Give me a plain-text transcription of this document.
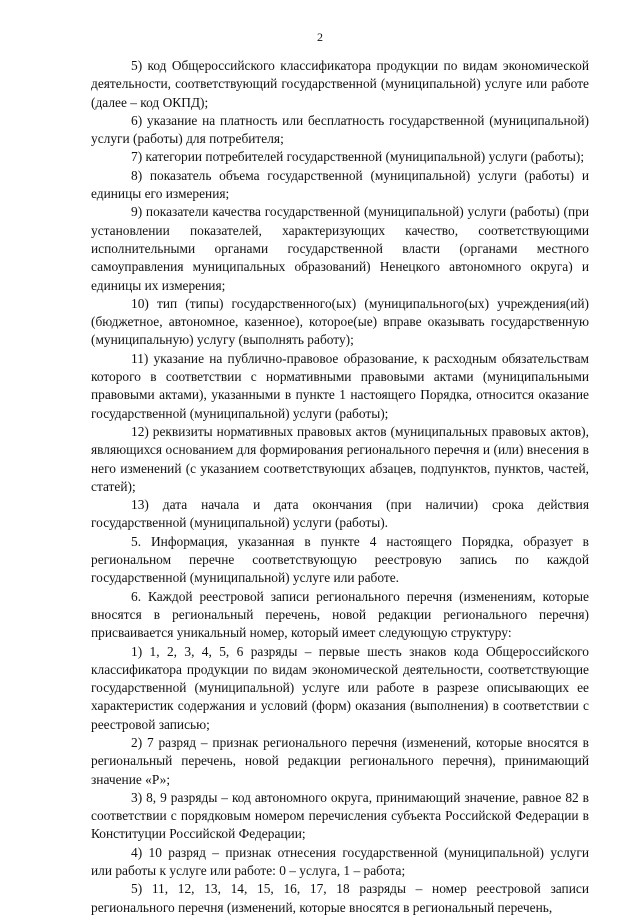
2

5) код Общероссийского классификатора продукции по видам экономической деятельности, соответствующий государственной (муниципальной) услуге или работе (далее – код ОКПД);

6) указание на платность или бесплатность государственной (муниципальной) услуги (работы) для потребителя;

7) категории потребителей государственной (муниципальной) услуги (работы);

8) показатель объема государственной (муниципальной) услуги (работы) и единицы его измерения;

9) показатели качества государственной (муниципальной) услуги (работы) (при установлении показателей, характеризующих качество, соответствующими исполнительными органами государственной власти (органами местного самоуправления муниципальных образований) Ненецкого автономного округа) и единицы их измерения;

10) тип (типы) государственного(ых) (муниципального(ых) учреждения(ий) (бюджетное, автономное, казенное), которое(ые) вправе оказывать государственную (муниципальную) услугу (выполнять работу);

11) указание на публично-правовое образование, к расходным обязательствам которого в соответствии с нормативными правовыми актами (муниципальными правовыми актами), указанными в пункте 1 настоящего Порядка, относится оказание государственной (муниципальной) услуги (работы);

12) реквизиты нормативных правовых актов (муниципальных правовых актов), являющихся основанием для формирования регионального перечня и (или) внесения в него изменений (с указанием соответствующих абзацев, подпунктов, пунктов, частей, статей);

13) дата начала и дата окончания (при наличии) срока действия государственной (муниципальной) услуги (работы).

5. Информация, указанная в пункте 4 настоящего Порядка, образует в региональном перечне соответствующую реестровую запись по каждой государственной (муниципальной) услуге или работе.

6. Каждой реестровой записи регионального перечня (изменениям, которые вносятся в региональный перечень, новой редакции регионального перечня) присваивается уникальный номер, который имеет следующую структуру:

1) 1, 2, 3, 4, 5, 6 разряды – первые шесть знаков кода Общероссийского классификатора продукции по видам экономической деятельности, соответствующие государственной (муниципальной) услуге или работе в разрезе описывающих ее характеристик содержания и условий (форм) оказания (выполнения) в соответствии с реестровой записью;

2) 7 разряд – признак регионального перечня (изменений, которые вносятся в региональный перечень, новой редакции регионального перечня), принимающий значение «Р»;

3) 8, 9 разряды – код автономного округа, принимающий значение, равное 82 в соответствии с порядковым номером перечисления субъекта Российской Федерации в Конституции Российской Федерации;

4) 10 разряд – признак отнесения государственной (муниципальной) услуги или работы к услуге или работе: 0 – услуга, 1 – работа;

5) 11, 12, 13, 14, 15, 16, 17, 18 разряды – номер реестровой записи регионального перечня (изменений, которые вносятся в региональный перечень,
